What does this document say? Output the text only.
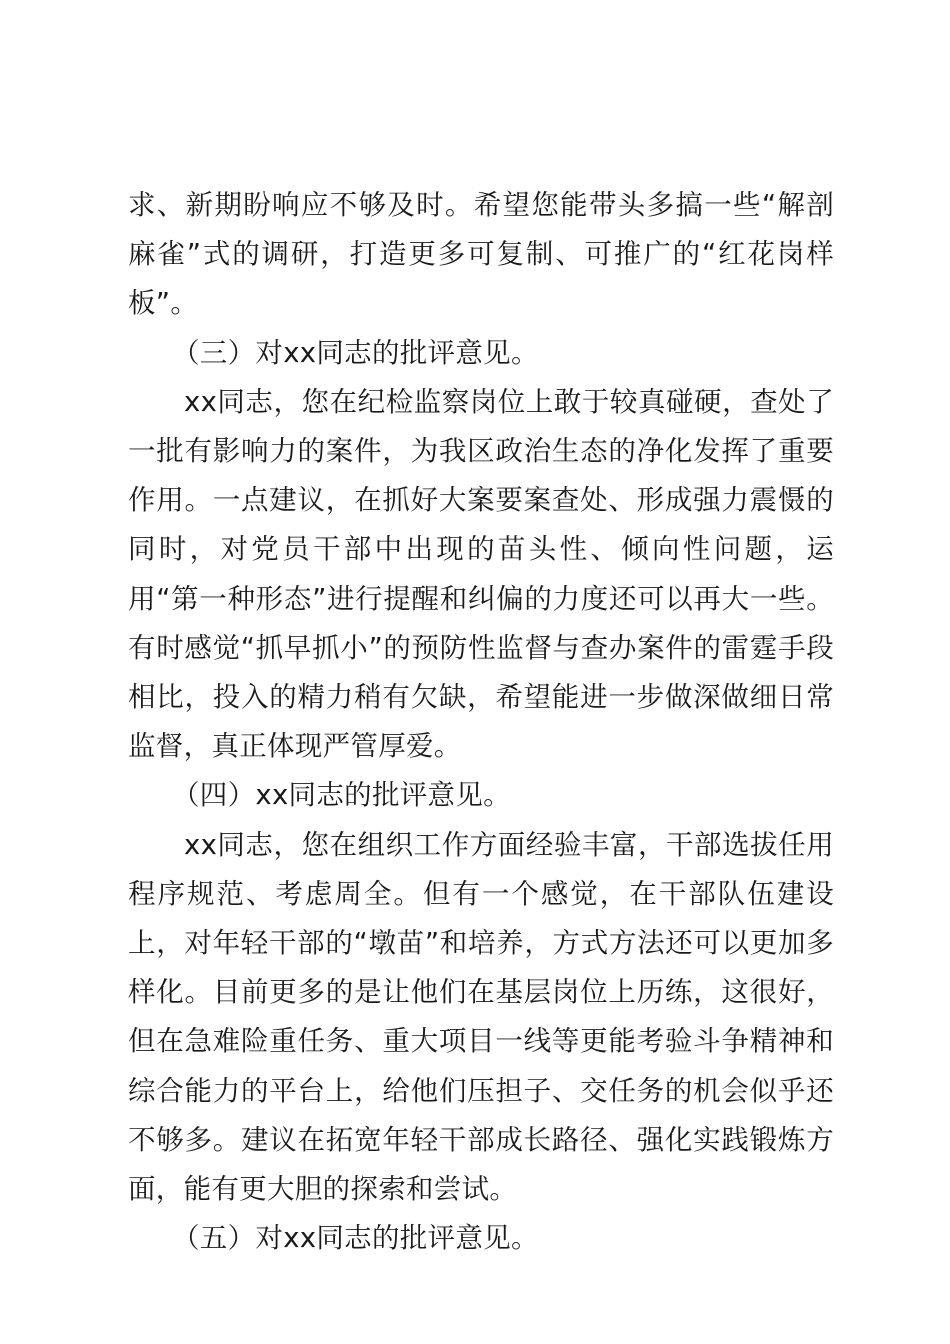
求、新期盼响应不够及时。希望您能带头多搞一些“解剖麻雀”式的调研，打造更多可复制、可推广的“红花岗样板”。

（三）对xx同志的批评意见。

xx同志，您在纪检监察岗位上敢于较真碰硬，查处了一批有影响力的案件，为我区政治生态的净化发挥了重要作用。一点建议，在抓好大案要案查处、形成强力震慑的同时，对党员干部中出现的苗头性、倾向性问题，运用“第一种形态”进行提醒和纠偏的力度还可以再大一些。有时感觉“抓早抓小”的预防性监督与查办案件的雷霆手段相比，投入的精力稍有欠缺，希望能进一步做深做细日常监督，真正体现严管厚爱。

（四）xx同志的批评意见。

xx同志，您在组织工作方面经验丰富，干部选拔任用程序规范、考虑周全。但有一个感觉，在干部队伍建设上，对年轻干部的“墩苗”和培养，方式方法还可以更加多样化。目前更多的是让他们在基层岗位上历练，这很好，但在急难险重任务、重大项目一线等更能考验斗争精神和综合能力的平台上，给他们压担子、交任务的机会似乎还不够多。建议在拓宽年轻干部成长路径、强化实践锻炼方面，能有更大胆的探索和尝试。

（五）对xx同志的批评意见。
